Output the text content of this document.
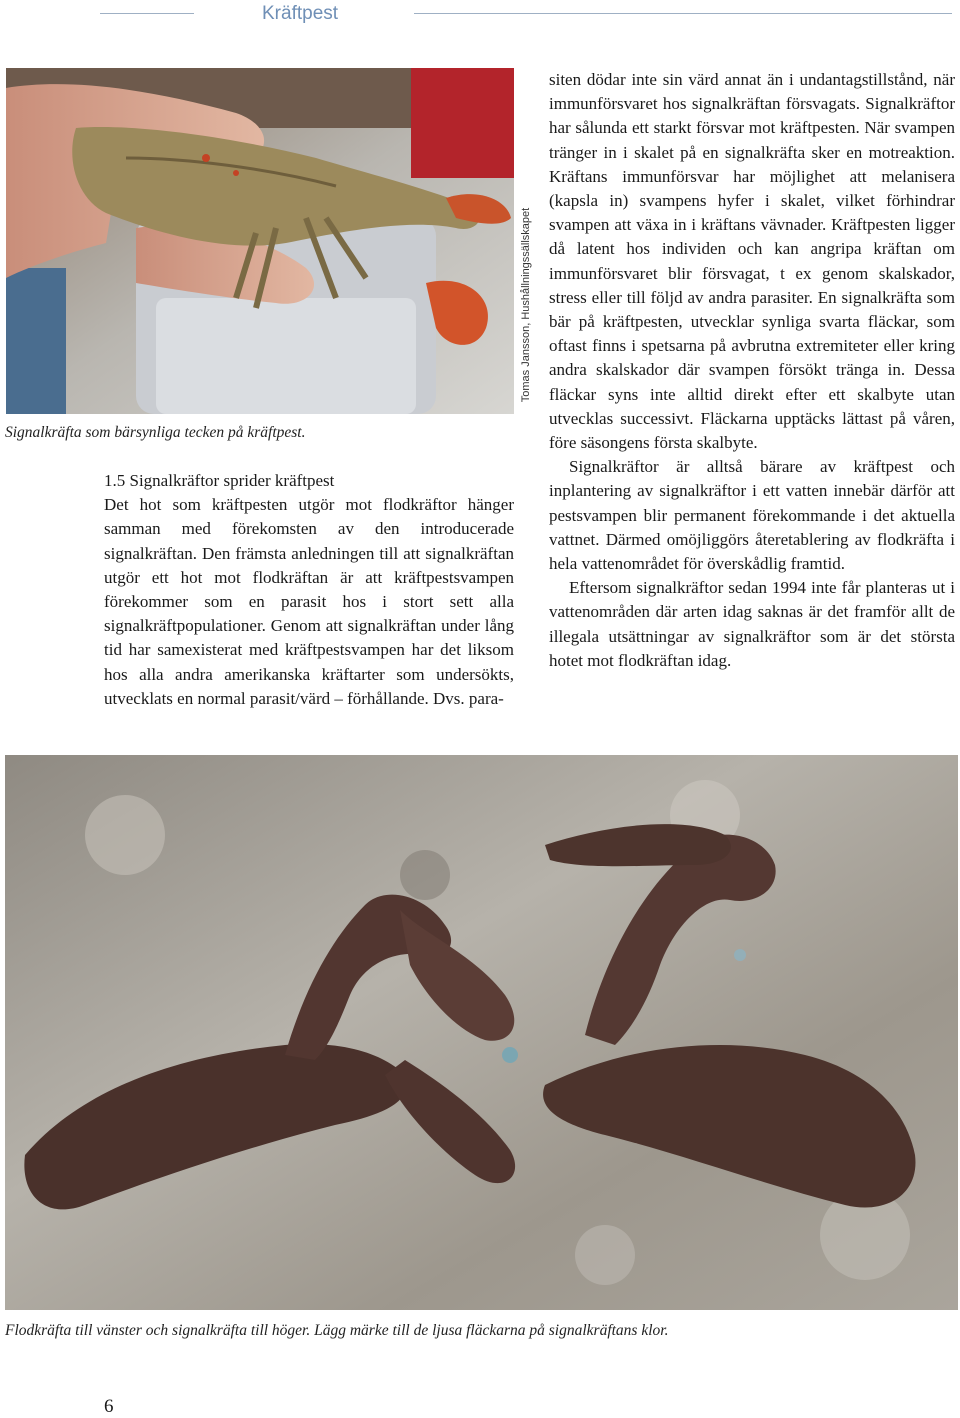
Kräftpest
Tomas Jansson, Hushållningssällskapet
Signalkräfta som bärsynliga tecken på kräftpest.

1.5 Signalkräftor sprider kräftpest

Det hot som kräftpesten utgör mot flodkräftor hänger samman med förekomsten av den introducerade signalkräftan. Den främsta anledningen till att signalkräftan utgör ett hot mot flodkräftan är att kräftpestsvampen förekommer som en parasit hos i stort sett alla signalkräftpopulationer. Genom att signalkräftan under lång tid har samexisterat med kräftpestsvampen har det liksom hos alla andra amerikanska kräftarter som undersökts, utvecklats en normal parasit/värd – förhållande. Dvs. para-

siten dödar inte sin värd annat än i undantagstillstånd, när immunförsvaret hos signalkräftan försvagats. Signalkräftor har sålunda ett starkt försvar mot kräftpesten. När svampen tränger in i skalet på en signalkräfta sker en motreaktion. Kräftans immunförsvar har möjlighet att melanisera (kapsla in) svampens hyfer i skalet, vilket förhindrar svampen att växa in i kräftans vävnader. Kräftpesten ligger då latent hos individen och kan angripa kräftan om immunförsvaret blir försvagat, t ex genom skalskador, stress eller till följd av andra parasiter. En signalkräfta som bär på kräftpesten, utvecklar synliga svarta fläckar, som oftast finns i spetsarna på avbrutna extremiteter eller kring andra skalskador där svampen försökt tränga in. Dessa fläckar syns inte alltid direkt efter ett skalbyte utan utvecklas successivt. Fläckarna upptäcks lättast på våren, före säsongens första skalbyte.

Signalkräftor är alltså bärare av kräftpest och inplantering av signalkräftor i ett vatten innebär därför att pestsvampen blir permanent förekommande i det aktuella vattnet. Därmed omöjliggörs återetablering av flodkräfta i hela vattenområdet för överskådlig framtid.

Eftersom signalkräftor sedan 1994 inte får planteras ut i vattenområden där arten idag saknas är det framför allt de illegala utsättningar av signalkräftor som är det största hotet mot flodkräftan idag.

Flodkräfta till vänster och signalkräfta till höger. Lägg märke till de ljusa fläckarna på signalkräftans klor.
6
